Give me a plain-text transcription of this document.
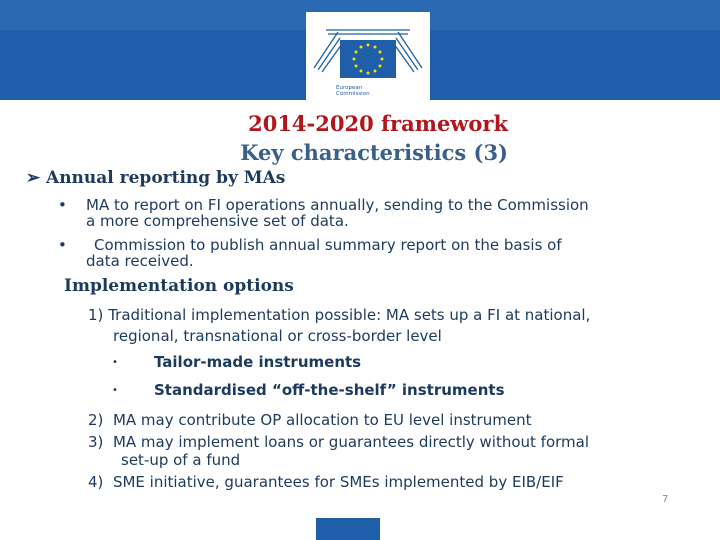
European
Commission
2014-2020 framework
Key characteristics (3)
➢ Annual reporting by MAs
• MA to report on FI operations annually, sending to the Commission
a more comprehensive set of data.
• Commission to publish annual summary report on the basis of
data received.
Implementation options
1) Traditional implementation possible: MA sets up a FI at national,
regional, transnational or cross-border level
• Tailor-made instruments
• Standardised “off-the-shelf” instruments
2) MA may contribute OP allocation to EU level instrument
3) MA may implement loans or guarantees directly without formal
set-up of a fund
4) SME initiative, guarantees for SMEs implemented by EIB/EIF
7
